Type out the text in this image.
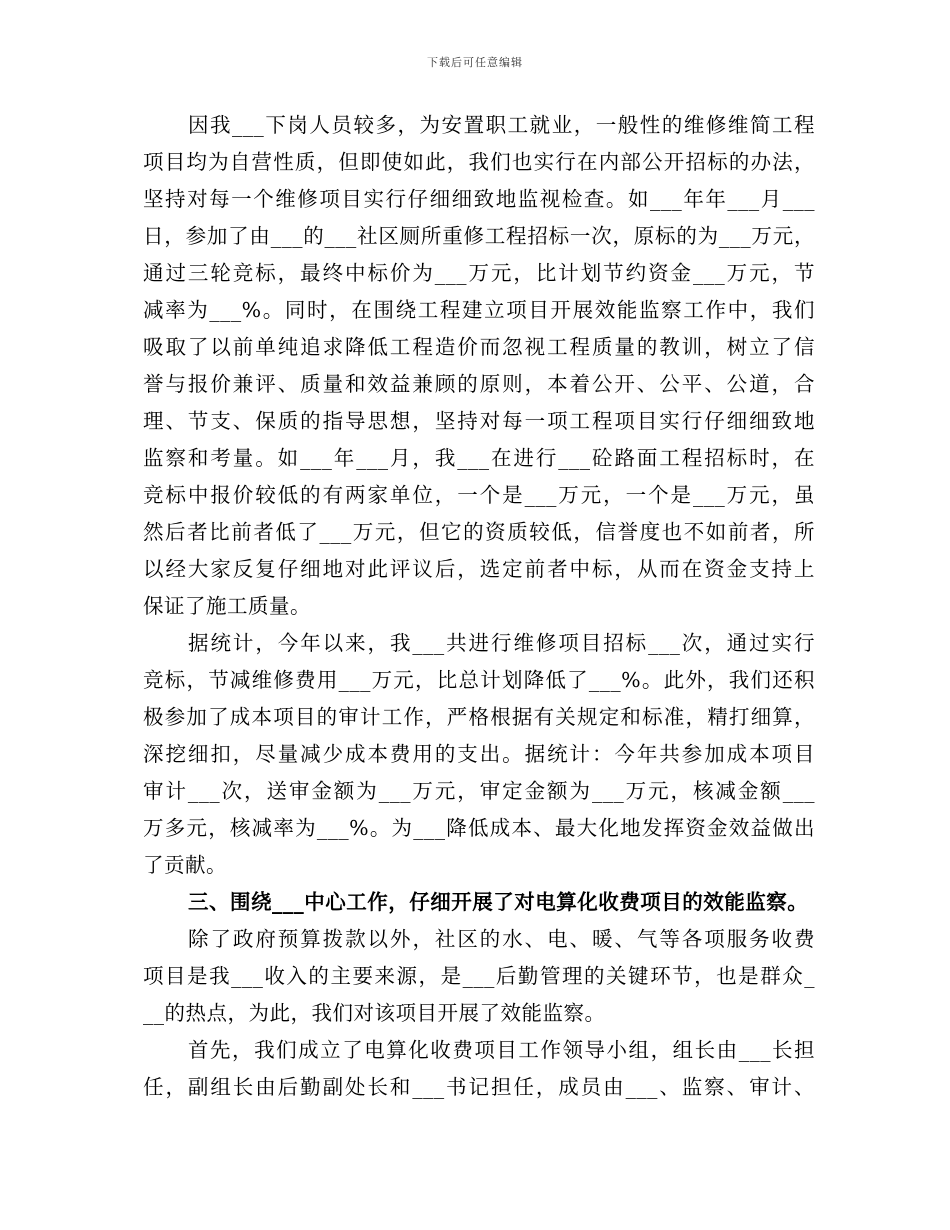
下载后可任意编辑
因我___下岗人员较多，为安置职工就业，一般性的维修维简工程
项目均为自营性质，但即使如此，我们也实行在内部公开招标的办法，
坚持对每一个维修项目实行仔细细致地监视检查。如___年年___月___
日，参加了由___的___社区厕所重修工程招标一次，原标的为___万元，
通过三轮竞标，最终中标价为___万元，比计划节约资金___万元，节
减率为___%。同时，在围绕工程建立项目开展效能监察工作中，我们
吸取了以前单纯追求降低工程造价而忽视工程质量的教训，树立了信
誉与报价兼评、质量和效益兼顾的原则，本着公开、公平、公道，合
理、节支、保质的指导思想，坚持对每一项工程项目实行仔细细致地
监察和考量。如___年___月，我___在进行___砼路面工程招标时，在
竞标中报价较低的有两家单位，一个是___万元，一个是___万元，虽
然后者比前者低了___万元，但它的资质较低，信誉度也不如前者，所
以经大家反复仔细地对此评议后，选定前者中标，从而在资金支持上
保证了施工质量。
据统计，今年以来，我___共进行维修项目招标___次，通过实行
竞标，节减维修费用___万元，比总计划降低了___%。此外，我们还积
极参加了成本项目的审计工作，严格根据有关规定和标准，精打细算，
深挖细扣，尽量减少成本费用的支出。据统计：今年共参加成本项目
审计___次，送审金额为___万元，审定金额为___万元，核减金额___
万多元，核减率为___%。为___降低成本、最大化地发挥资金效益做出
了贡献。
三、围绕___中心工作，仔细开展了对电算化收费项目的效能监察。
除了政府预算拨款以外，社区的水、电、暖、气等各项服务收费
项目是我___收入的主要来源，是___后勤管理的关键环节，也是群众_
__的热点，为此，我们对该项目开展了效能监察。
首先，我们成立了电算化收费项目工作领导小组，组长由___长担
任，副组长由后勤副处长和___书记担任，成员由___、监察、审计、
